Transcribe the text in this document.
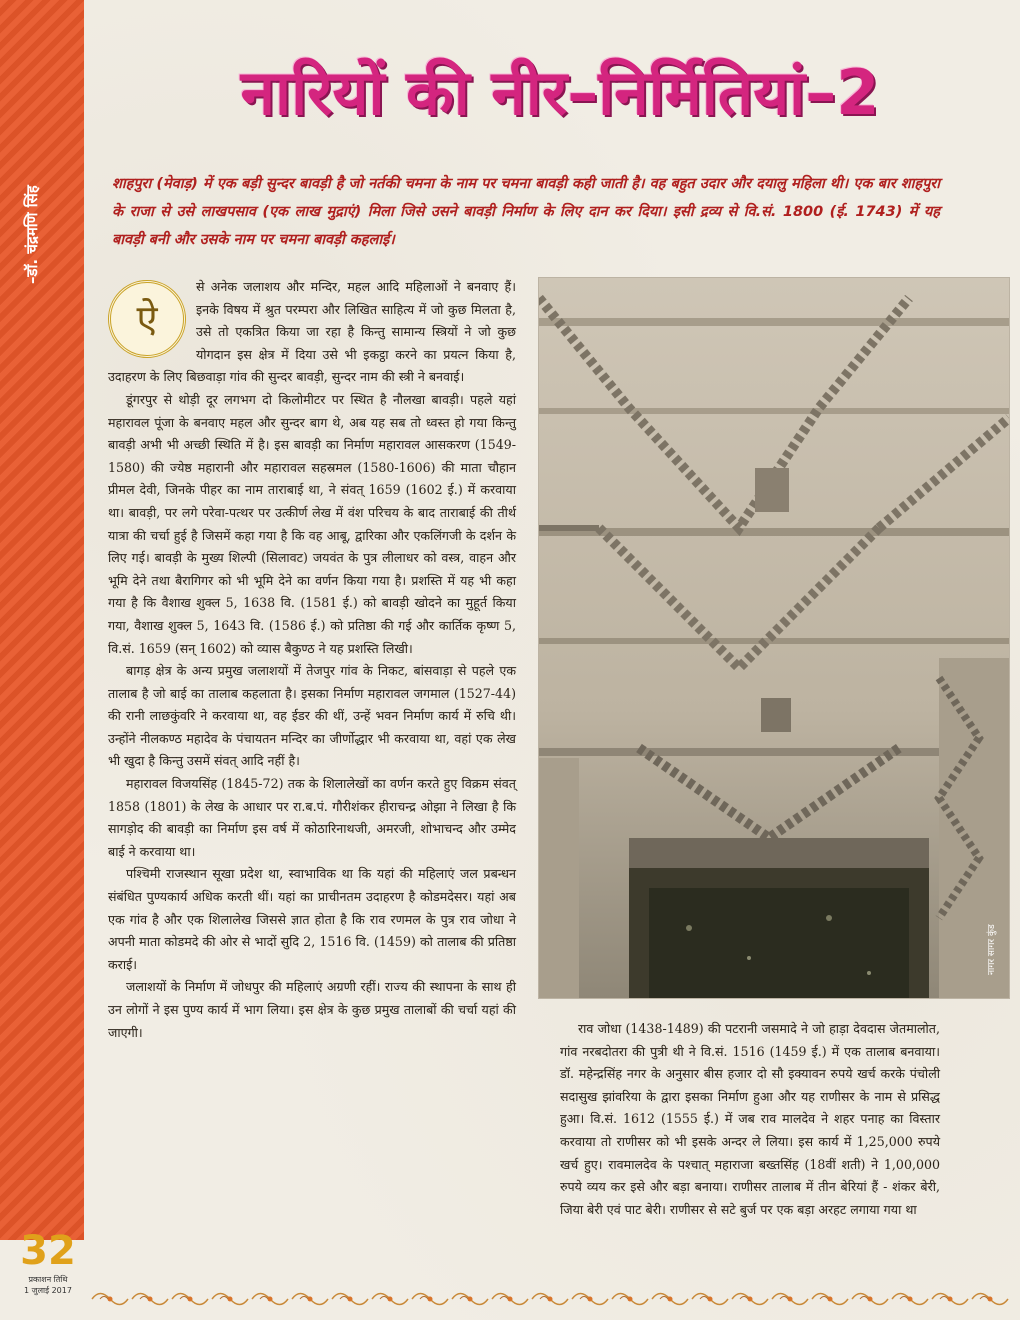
–डॉ. चंद्रमणि सिंह
नारियों की नीर–निर्मितियां–2

शाहपुरा (मेवाड़) में एक बड़ी सुन्दर बावड़ी है जो नर्तकी चमना के नाम पर चमना बावड़ी कही जाती है। वह बहुत उदार और दयालु महिला थी। एक बार शाहपुरा के राजा से उसे लाखपसाव (एक लाख मुद्राएं) मिला जिसे उसने बावड़ी निर्माण के लिए दान कर दिया। इसी द्रव्य से वि.सं. 1800 (ई. 1743) में यह बावड़ी बनी और उसके नाम पर चमना बावड़ी कहलाई।

ऐ
से अनेक जलाशय और मन्दिर, महल आदि महिलाओं ने बनवाए हैं। इनके विषय में श्रुत परम्परा और लिखित साहित्य में जो कुछ मिलता है, उसे तो एकत्रित किया जा रहा है किन्तु सामान्य स्त्रियों ने जो कुछ योगदान इस क्षेत्र में दिया उसे भी इकट्ठा करने का प्रयत्न किया है, उदाहरण के लिए बिछवाड़ा गांव की सुन्दर बावड़ी, सुन्दर नाम की स्त्री ने बनवाई।

डूंगरपुर से थोड़ी दूर लगभग दो किलोमीटर पर स्थित है नौलखा बावड़ी। पहले यहां महारावल पूंजा के बनवाए महल और सुन्दर बाग थे, अब यह सब तो ध्वस्त हो गया किन्तु बावड़ी अभी भी अच्छी स्थिति में है। इस बावड़ी का निर्माण महारावल आसकरण (1549-1580) की ज्येष्ठ महारानी और महारावल सहस्रमल (1580-1606) की माता चौहान प्रीमल देवी, जिनके पीहर का नाम ताराबाई था, ने संवत् 1659 (1602 ई.) में करवाया था। बावड़ी, पर लगे परेवा-पत्थर पर उत्कीर्ण लेख में वंश परिचय के बाद ताराबाई की तीर्थ यात्रा की चर्चा हुई है जिसमें कहा गया है कि वह आबू, द्वारिका और एकलिंगजी के दर्शन के लिए गई। बावड़ी के मुख्य शिल्पी (सिलावट) जयवंत के पुत्र लीलाधर को वस्त्र, वाहन और भूमि देने तथा बैरागिगर को भी भूमि देने का वर्णन किया गया है। प्रशस्ति में यह भी कहा गया है कि वैशाख शुक्ल 5, 1638 वि. (1581 ई.) को बावड़ी खोदने का मुहूर्त किया गया, वैशाख शुक्ल 5, 1643 वि. (1586 ई.) को प्रतिष्ठा की गई और कार्तिक कृष्ण 5, वि.सं. 1659 (सन् 1602) को व्यास बैकुण्ठ ने यह प्रशस्ति लिखी।

बागड़ क्षेत्र के अन्य प्रमुख जलाशयों में तेजपुर गांव के निकट, बांसवाड़ा से पहले एक तालाब है जो बाई का तालाब कहलाता है। इसका निर्माण महारावल जगमाल (1527-44) की रानी लाछकुंवरि ने करवाया था, वह ईडर की थीं, उन्हें भवन निर्माण कार्य में रुचि थी। उन्होंने नीलकण्ठ महादेव के पंचायतन मन्दिर का जीर्णोद्धार भी करवाया था, वहां एक लेख भी खुदा है किन्तु उसमें संवत् आदि नहीं है।

महारावल विजयसिंह (1845-72) तक के शिलालेखों का वर्णन करते हुए विक्रम संवत् 1858 (1801) के लेख के आधार पर रा.ब.पं. गौरीशंकर हीराचन्द्र ओझा ने लिखा है कि सागड़ोद की बावड़ी का निर्माण इस वर्ष में कोठारिनाथजी, अमरजी, शोभाचन्द और उम्मेद बाई ने करवाया था।

पश्चिमी राजस्थान सूखा प्रदेश था, स्वाभाविक था कि यहां की महिलाएं जल प्रबन्धन संबंधित पुण्यकार्य अधिक करती थीं। यहां का प्राचीनतम उदाहरण है कोडमदेसर। यहां अब एक गांव है और एक शिलालेख जिससे ज्ञात होता है कि राव रणमल के पुत्र राव जोधा ने अपनी माता कोडमदे की ओर से भादों सुदि 2, 1516 वि. (1459) को तालाब की प्रतिष्ठा कराई।

जलाशयों के निर्माण में जोधपुर की महिलाएं अग्रणी रहीं। राज्य की स्थापना के साथ ही उन लोगों ने इस पुण्य कार्य में भाग लिया। इस क्षेत्र के कुछ प्रमुख तालाबों की चर्चा यहां की जाएगी।

नागर सागर कुंड

राव जोधा (1438-1489) की पटरानी जसमादे ने जो हाड़ा देवदास जेतमालोत, गांव नरबदोतरा की पुत्री थी ने वि.सं. 1516 (1459 ई.) में एक तालाब बनवाया। डॉ. महेन्द्रसिंह नगर के अनुसार बीस हजार दो सौ इक्यावन रुपये खर्च करके पंचोली सदासुख झांवरिया के द्वारा इसका निर्माण हुआ और यह राणीसर के नाम से प्रसिद्ध हुआ। वि.सं. 1612 (1555 ई.) में जब राव मालदेव ने शहर पनाह का विस्तार करवाया तो राणीसर को भी इसके अन्दर ले लिया। इस कार्य में 1,25,000 रुपये खर्च हुए। रावमालदेव के पश्चात् महाराजा बख्तसिंह (18वीं शती) ने 1,00,000 रुपये व्यय कर इसे और बड़ा बनाया। राणीसर तालाब में तीन बेरियां हैं - शंकर बेरी, जिया बेरी एवं पाट बेरी। राणीसर से सटे बुर्ज पर एक बड़ा अरहट लगाया गया था

32
प्रकाशन तिथि
1 जुलाई 2017
